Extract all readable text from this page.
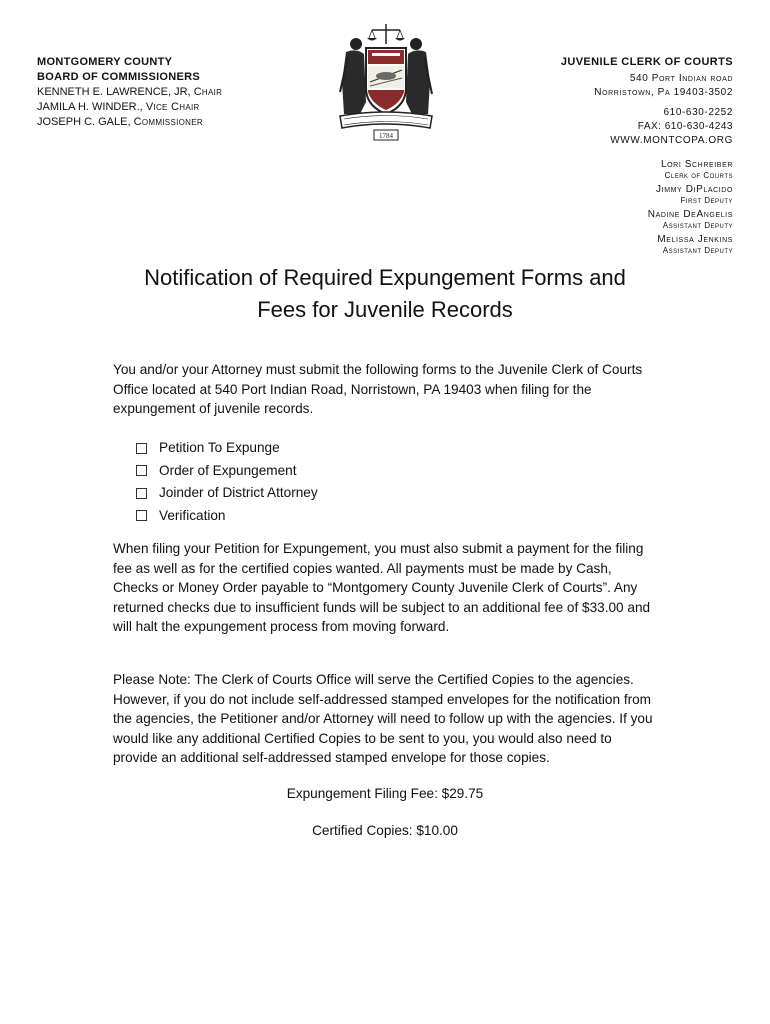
MONTGOMERY COUNTY
BOARD OF COMMISSIONERS
KENNETH E. LAWRENCE, JR, Chair
JAMILA H. WINDER., Vice Chair
JOSEPH C. GALE, Commissioner
1784
JUVENILE CLERK OF COURTS
540 Port Indian road
Norristown, Pa 19403-3502
610-630-2252
FAX: 610-630-4243
WWW.MONTCOPA.ORG
Lori Schreiber
Clerk of Courts
Jimmy DiPlacido
First Deputy
Nadine DeAngelis
Assistant Deputy
Melissa Jenkins
Assistant Deputy
Notification of Required Expungement Forms and
Fees for Juvenile Records
You and/or your Attorney must submit the following forms to the Juvenile Clerk of Courts Office located at 540 Port Indian Road, Norristown, PA 19403 when filing for the expungement of juvenile records.
Petition To Expunge
Order of Expungement
Joinder of District Attorney
Verification
When filing your Petition for Expungement, you must also submit a payment for the filing fee as well as for the certified copies wanted. All payments must be made by Cash, Checks or Money Order payable to “Montgomery County Juvenile Clerk of Courts”. Any returned checks due to insufficient funds will be subject to an additional fee of $33.00 and will halt the expungement process from moving forward.
Please Note: The Clerk of Courts Office will serve the Certified Copies to the agencies. However, if you do not include self-addressed stamped envelopes for the notification from the agencies, the Petitioner and/or Attorney will need to follow up with the agencies. If you would like any additional Certified Copies to be sent to you, you would also need to provide an additional self-addressed stamped envelope for those copies.
Expungement Filing Fee: $29.75
Certified Copies: $10.00
